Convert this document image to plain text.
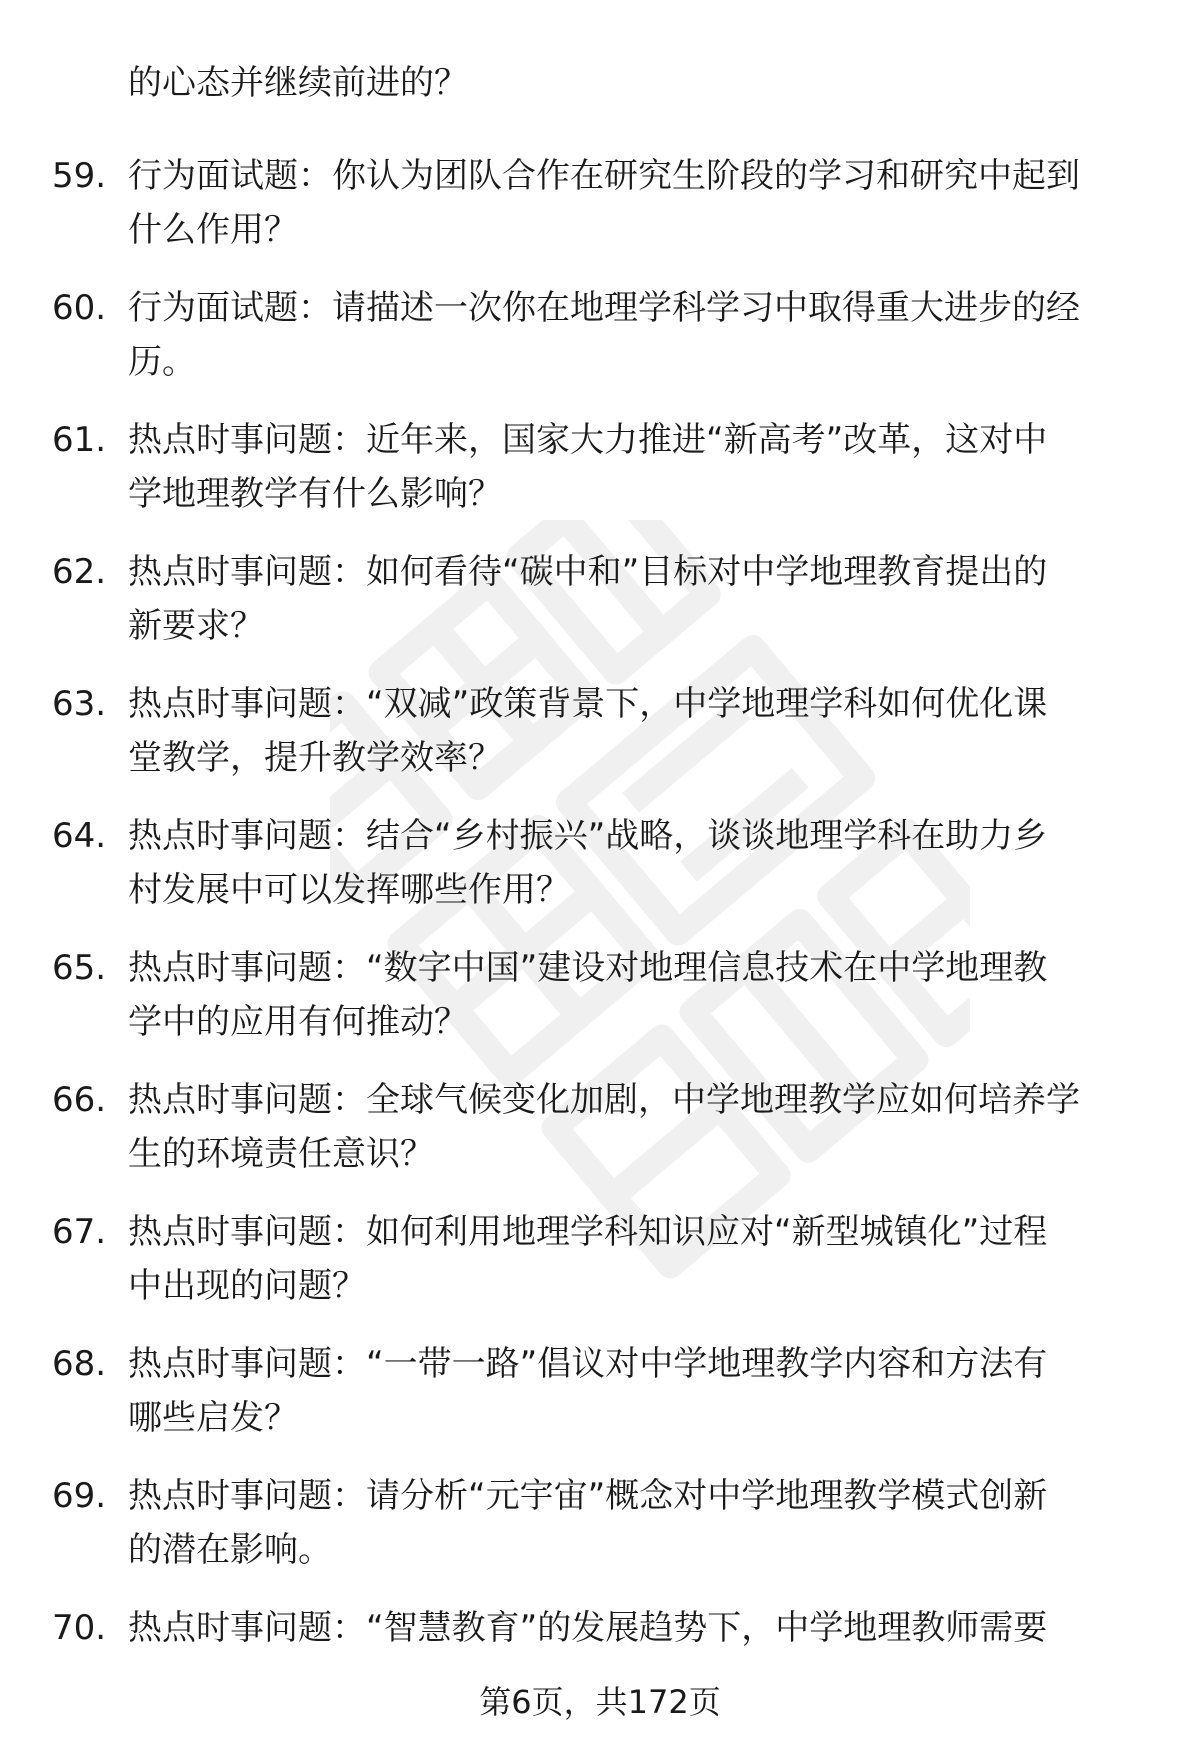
的心态并继续前进的？
59. 行为面试题：你认为团队合作在研究生阶段的学习和研究中起到
什么作用？
60. 行为面试题：请描述一次你在地理学科学习中取得重大进步的经
历。
61. 热点时事问题：近年来，国家大力推进“新高考”改革，这对中
学地理教学有什么影响？
62. 热点时事问题：如何看待“碳中和”目标对中学地理教育提出的
新要求？
63. 热点时事问题：“双减”政策背景下，中学地理学科如何优化课
堂教学，提升教学效率？
64. 热点时事问题：结合“乡村振兴”战略，谈谈地理学科在助力乡
村发展中可以发挥哪些作用？
65. 热点时事问题：“数字中国”建设对地理信息技术在中学地理教
学中的应用有何推动？
66. 热点时事问题：全球气候变化加剧，中学地理教学应如何培养学
生的环境责任意识？
67. 热点时事问题：如何利用地理学科知识应对“新型城镇化”过程
中出现的问题？
68. 热点时事问题：“一带一路”倡议对中学地理教学内容和方法有
哪些启发？
69. 热点时事问题：请分析“元宇宙”概念对中学地理教学模式创新
的潜在影响。
70. 热点时事问题：“智慧教育”的发展趋势下，中学地理教师需要
第6页，共172页
